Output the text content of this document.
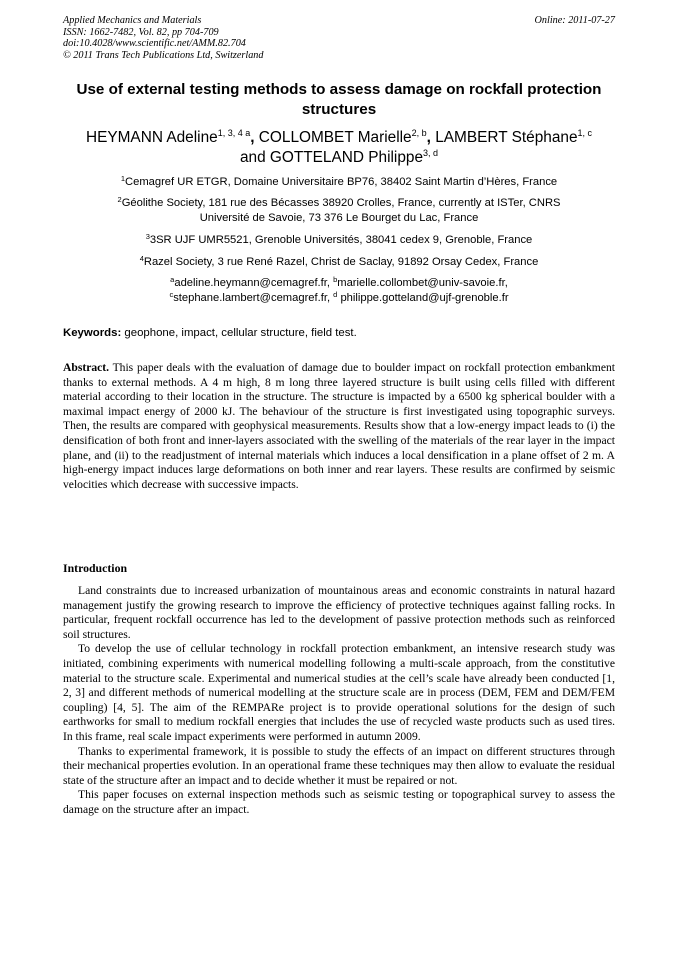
Applied Mechanics and Materials
ISSN: 1662-7482, Vol. 82, pp 704-709
doi:10.4028/www.scientific.net/AMM.82.704
© 2011 Trans Tech Publications Ltd, Switzerland
Online: 2011-07-27
Use of external testing methods to assess damage on rockfall protection structures
HEYMANN Adeline$^{1, 3, 4 a}$, COLLOMBET Marielle$^{2, b}$, LAMBERT Stéphane$^{1, c}$
and GOTTELAND Philippe$^{3, d}$

$^1$Cemagref UR ETGR, Domaine Universitaire BP76, 38402 Saint Martin d’Hères, France

$^2$Géolithe Society, 181 rue des Bécasses 38920 Crolles, France, currently at ISTer, CNRS

Université de Savoie, 73 376 Le Bourget du Lac, France

$^3$3SR UJF UMR5521, Grenoble Universités, 38041 cedex 9, Grenoble, France

$^4$Razel Society, 3 rue René Razel, Christ de Saclay, 91892 Orsay Cedex, France

$^a$adeline.heymann@cemagref.fr, $^b$marielle.collombet@univ-savoie.fr,

$^c$stephane.lambert@cemagref.fr, $^d$ philippe.gotteland@ujf-grenoble.fr

Keywords: geophone, impact, cellular structure, field test.

Abstract. This paper deals with the evaluation of damage due to boulder impact on rockfall protection embankment thanks to external methods. A 4 m high, 8 m long three layered structure is built using cells filled with different material according to their location in the structure. The structure is impacted by a 6500 kg spherical boulder with a maximal impact energy of 2000 kJ. The behaviour of the structure is first investigated using topographic surveys. Then, the results are compared with geophysical measurements. Results show that a low-energy impact leads to (i) the densification of both front and inner-layers associated with the swelling of the materials of the rear layer in the impact plane, and (ii) to the readjustment of internal materials which induces a local densification in a plane offset of 2 m. A high-energy impact induces large deformations on both inner and rear layers. These results are confirmed by seismic velocities which decrease with successive impacts.

Introduction

Land constraints due to increased urbanization of mountainous areas and economic constraints in natural hazard management justify the growing research to improve the efficiency of protective techniques against falling rocks. In particular, frequent rockfall occurrence has led to the development of passive protection methods such as reinforced soil structures.

To develop the use of cellular technology in rockfall protection embankment, an intensive research study was initiated, combining experiments with numerical modelling following a multi-scale approach, from the constitutive material to the structure scale. Experimental and numerical studies at the cell’s scale have already been conducted [1, 2, 3] and different methods of numerical modelling at the structure scale are in process (DEM, FEM and DEM/FEM coupling) [4, 5]. The aim of the REMPARe project is to provide operational solutions for the design of such earthworks for small to medium rockfall energies that includes the use of recycled waste products such as used tires. In this frame, real scale impact experiments were performed in autumn 2009.

Thanks to experimental framework, it is possible to study the effects of an impact on different structures through their mechanical properties evolution. In an operational frame these techniques may then allow to evaluate the residual state of the structure after an impact and to decide whether it must be repaired or not.

This paper focuses on external inspection methods such as seismic testing or topographical survey to assess the damage on the structure after an impact.
